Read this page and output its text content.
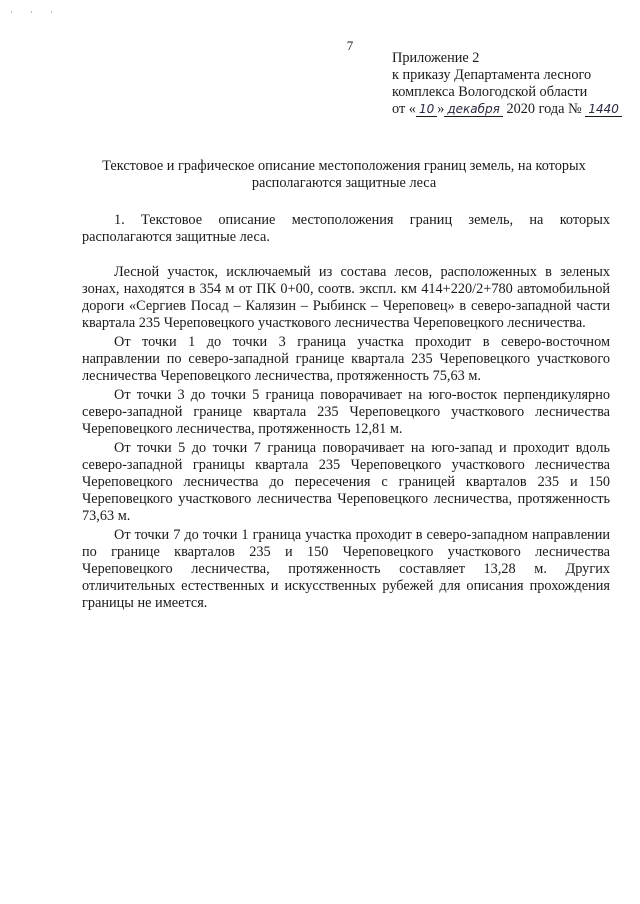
˙ ˙ ˙
7
Приложение 2
к приказу Департамента лесного
комплекса Вологодской области
от « 10 » декабря 2020 года № 1440
Текстовое и графическое описание местоположения границ земель, на которых располагаются защитные леса

1. Текстовое описание местоположения границ земель, на которых располагаются защитные леса.

Лесной участок, исключаемый из состава лесов, расположенных в зеленых зонах, находятся в 354 м от ПК 0+00, соотв. экспл. км 414+220/2+780 автомобильной дороги «Сергиев Посад – Калязин – Рыбинск – Череповец» в северо-западной части квартала 235 Череповецкого участкового лесничества Череповецкого лесничества.

От точки 1 до точки 3 граница участка проходит в северо-восточном направлении по северо-западной границе квартала 235 Череповецкого участкового лесничества Череповецкого лесничества, протяженность 75,63 м.

От точки 3 до точки 5 граница поворачивает на юго-восток перпендикулярно северо-западной границе квартала 235 Череповецкого участкового лесничества Череповецкого лесничества, протяженность 12,81 м.

От точки 5 до точки 7 граница поворачивает на юго-запад и проходит вдоль северо-западной границы квартала 235 Череповецкого участкового лесничества Череповецкого лесничества до пересечения с границей кварталов 235 и 150 Череповецкого участкового лесничества Череповецкого лесничества, протяженность 73,63 м.

От точки 7 до точки 1 граница участка проходит в северо-западном направлении по границе кварталов 235 и 150 Череповецкого участкового лесничества Череповецкого лесничества, протяженность составляет 13,28 м. Других отличительных естественных и искусственных рубежей для описания прохождения границы не имеется.
